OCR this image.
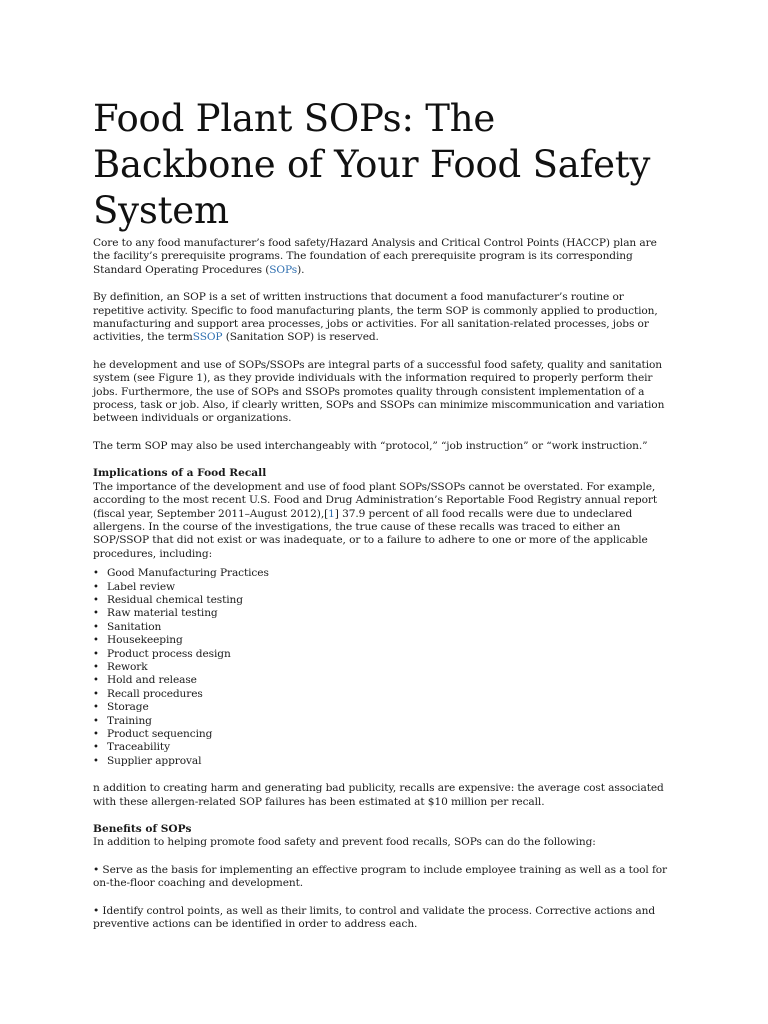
Food Plant SOPs: The Backbone of Your Food Safety System

Core to any food manufacturer’s food safety/Hazard Analysis and Critical Control Points (HACCP) plan are the facility’s prerequisite programs. The foundation of each prerequisite program is its corresponding Standard Operating Procedures (SOPs).

By definition, an SOP is a set of written instructions that document a food manufacturer’s routine or repetitive activity. Specific to food manufacturing plants, the term SOP is commonly applied to production, manufacturing and support area processes, jobs or activities. For all sanitation-related processes, jobs or activities, the termSSOP (Sanitation SOP) is reserved.

he development and use of SOPs/SSOPs are integral parts of a successful food safety, quality and sanitation system (see Figure 1), as they provide individuals with the information required to properly perform their jobs. Furthermore, the use of SOPs and SSOPs promotes quality through consistent implementation of a process, task or job. Also, if clearly written, SOPs and SSOPs can minimize miscommunication and variation between individuals or organizations.

The term SOP may also be used interchangeably with “protocol,” “job instruction” or “work instruction.”

Implications of a Food Recall

The importance of the development and use of food plant SOPs/SSOPs cannot be overstated. For example, according to the most recent U.S. Food and Drug Administration’s Reportable Food Registry annual report (fiscal year, September 2011–August 2012),[1] 37.9 percent of all food recalls were due to undeclared allergens. In the course of the investigations, the true cause of these recalls was traced to either an SOP/SSOP that did not exist or was inadequate, or to a failure to adhere to one or more of the applicable procedures, including:

• Good Manufacturing Practices
• Label review
• Residual chemical testing
• Raw material testing
• Sanitation
• Housekeeping
• Product process design
• Rework
• Hold and release
• Recall procedures
• Storage
• Training
• Product sequencing
• Traceability
• Supplier approval

n addition to creating harm and generating bad publicity, recalls are expensive: the average cost associated with these allergen-related SOP failures has been estimated at $10 million per recall.

Benefits of SOPs

In addition to helping promote food safety and prevent food recalls, SOPs can do the following:

• Serve as the basis for implementing an effective program to include employee training as well as a tool for on-the-floor coaching and development.

• Identify control points, as well as their limits, to control and validate the process. Corrective actions and preventive actions can be identified in order to address each.
